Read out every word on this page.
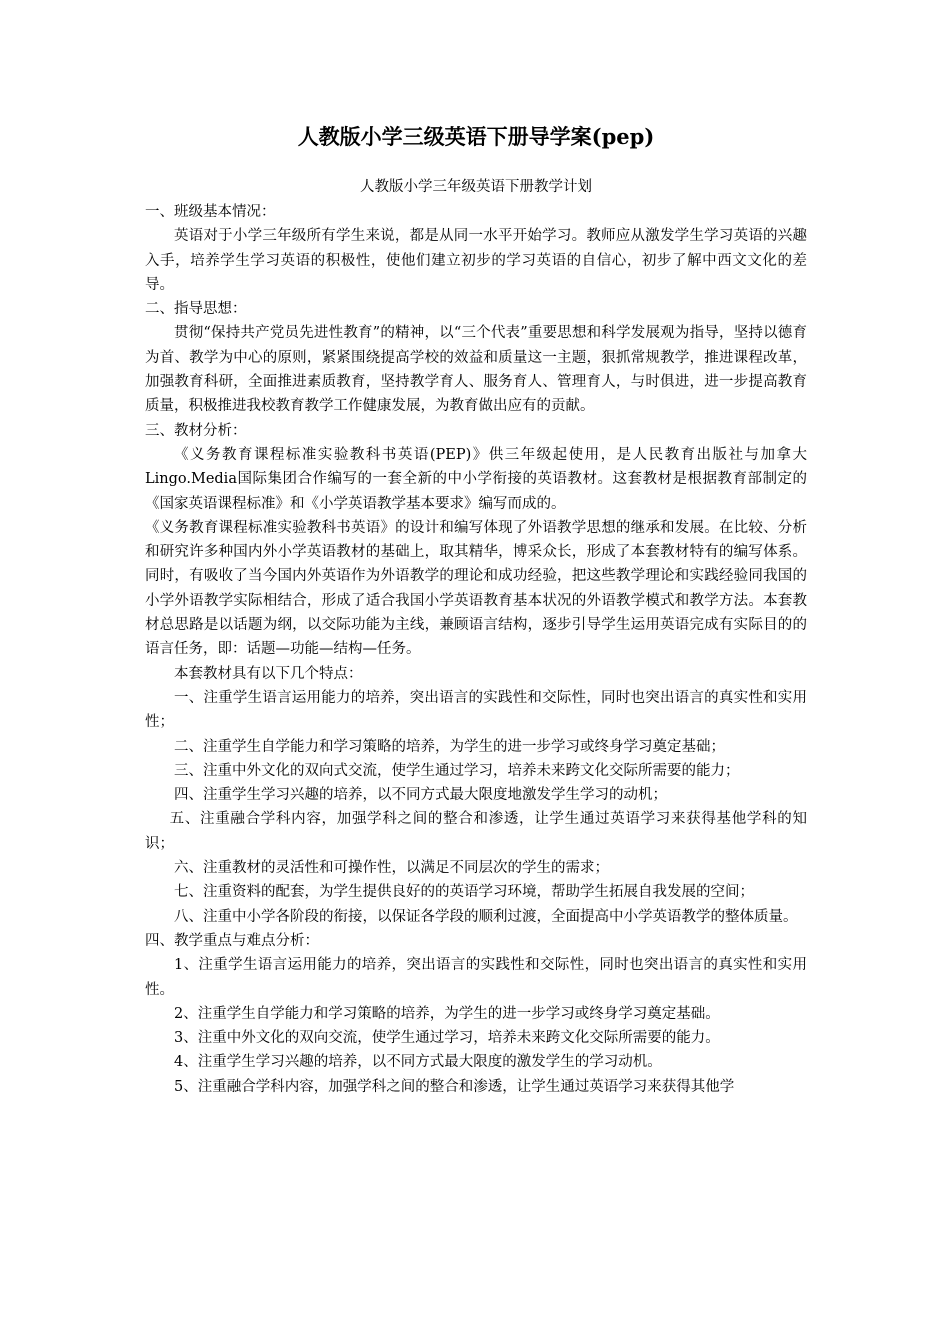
人教版小学三级英语下册导学案(pep)

人教版小学三年级英语下册教学计划

一、班级基本情况：

英语对于小学三年级所有学生来说，都是从同一水平开始学习。教师应从激发学生学习英语的兴趣入手，培养学生学习英语的积极性，使他们建立初步的学习英语的自信心，初步了解中西文文化的差导。

二、指导思想：

贯彻“保持共产党员先进性教育”的精神，以“三个代表”重要思想和科学发展观为指导，坚持以德育为首、教学为中心的原则，紧紧围绕提高学校的效益和质量这一主题，狠抓常规教学，推进课程改革，加强教育科研，全面推进素质教育，坚持教学育人、服务育人、管理育人，与时俱进，进一步提高教育质量，积极推进我校教育教学工作健康发展，为教育做出应有的贡献。

三、教材分析：

《义务教育课程标准实验教科书英语(PEP)》供三年级起使用，是人民教育出版社与加拿大Lingo.Media国际集团合作编写的一套全新的中小学衔接的英语教材。这套教材是根据教育部制定的《国家英语课程标准》和《小学英语教学基本要求》编写而成的。

《义务教育课程标准实验教科书英语》的设计和编写体现了外语教学思想的继承和发展。在比较、分析和研究许多种国内外小学英语教材的基础上，取其精华，博采众长，形成了本套教材特有的编写体系。同时，有吸收了当今国内外英语作为外语教学的理论和成功经验，把这些教学理论和实践经验同我国的小学外语教学实际相结合，形成了适合我国小学英语教育基本状况的外语教学模式和教学方法。本套教材总思路是以话题为纲，以交际功能为主线，兼顾语言结构，逐步引导学生运用英语完成有实际目的的语言任务，即：话题—功能—结构—任务。

本套教材具有以下几个特点：

一、注重学生语言运用能力的培养，突出语言的实践性和交际性，同时也突出语言的真实性和实用性；

二、注重学生自学能力和学习策略的培养，为学生的进一步学习或终身学习奠定基础；

三、注重中外文化的双向式交流，使学生通过学习，培养未来跨文化交际所需要的能力；

四、注重学生学习兴趣的培养，以不同方式最大限度地激发学生学习的动机；

五、注重融合学科内容，加强学科之间的整合和渗透，让学生通过英语学习来获得基他学科的知识；

六、注重教材的灵活性和可操作性，以满足不同层次的学生的需求；

七、注重资料的配套，为学生提供良好的的英语学习环境，帮助学生拓展自我发展的空间；

八、注重中小学各阶段的衔接，以保证各学段的顺利过渡，全面提高中小学英语教学的整体质量。

四、教学重点与难点分析：

1、注重学生语言运用能力的培养，突出语言的实践性和交际性，同时也突出语言的真实性和实用性。

2、注重学生自学能力和学习策略的培养，为学生的进一步学习或终身学习奠定基础。

3、注重中外文化的双向交流，使学生通过学习，培养未来跨文化交际所需要的能力。

4、注重学生学习兴趣的培养，以不同方式最大限度的激发学生的学习动机。

5、注重融合学科内容，加强学科之间的整合和渗透，让学生通过英语学习来获得其他学
